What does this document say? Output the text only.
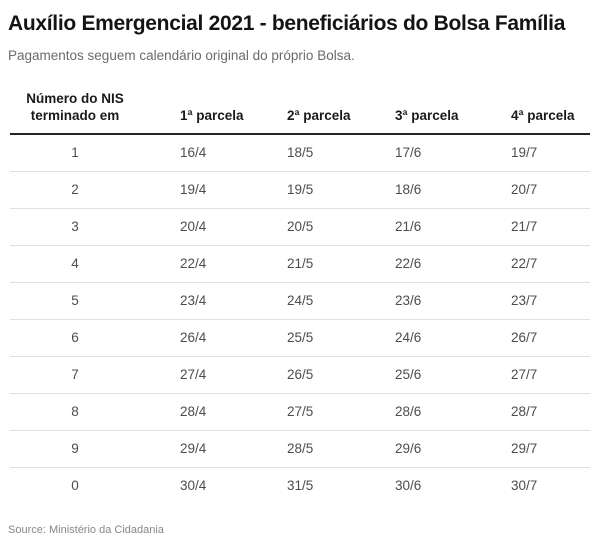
Auxílio Emergencial 2021 - beneficiários do Bolsa Família

Pagamentos seguem calendário original do próprio Bolsa.

Número do NIS
terminado em	1ª parcela	2ª parcela	3ª parcela	4ª parcela
1	16/4	18/5	17/6	19/7
2	19/4	19/5	18/6	20/7
3	20/4	20/5	21/6	21/7
4	22/4	21/5	22/6	22/7
5	23/4	24/5	23/6	23/7
6	26/4	25/5	24/6	26/7
7	27/4	26/5	25/6	27/7
8	28/4	27/5	28/6	28/7
9	29/4	28/5	29/6	29/7
0	30/4	31/5	30/6	30/7

Source: Ministério da Cidadania
